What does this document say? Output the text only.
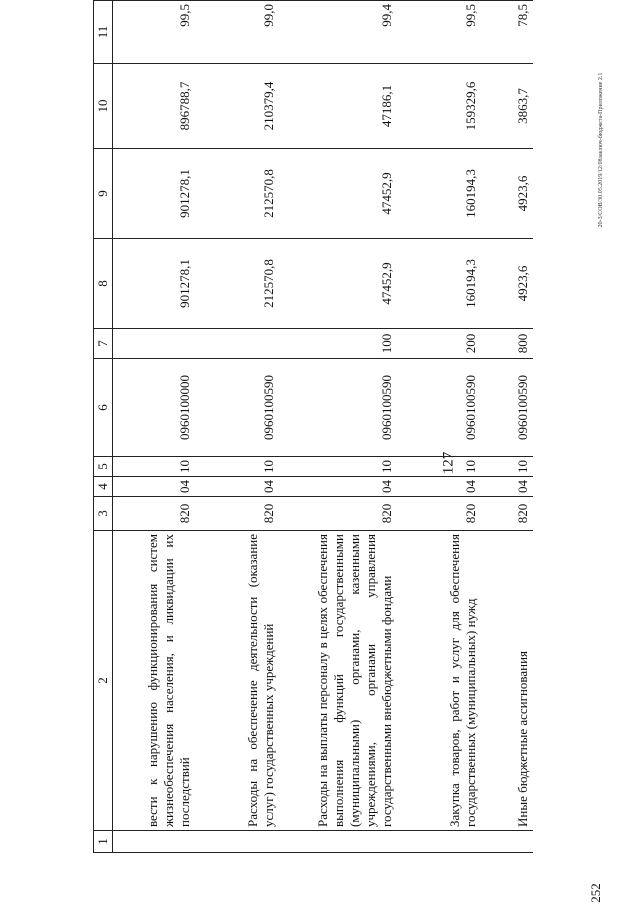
127
20-3/СОВ/30.05.2019/12/08заключ-бюджета-Приложение 2.1
252
1	2	3	4	5	6	7	8	9	10	11
	вести к нарушению функционирования систем жизнеобеспечения населения, и ликвидации их последствий	820	04	10	0960100000		901278,1	901278,1	896788,7	99,5
	Расходы на обеспечение деятельности (оказание услуг) государственных учреждений	820	04	10	0960100590		212570,8	212570,8	210379,4	99,0
	Расходы на выплаты персоналу в целях обеспечения выполнения функций государственными (муниципальными) органами, казенными учреждениями, органами управления государственными внебюджетными фондами	820	04	10	0960100590	100	47452,9	47452,9	47186,1	99,4
	Закупка товаров, работ и услуг для обеспечения государственных (муниципальных) нужд	820	04	10	0960100590	200	160194,3	160194,3	159329,6	99,5
	Иные бюджетные ассигнования	820	04	10	0960100590	800	4923,6	4923,6	3863,7	78,5
